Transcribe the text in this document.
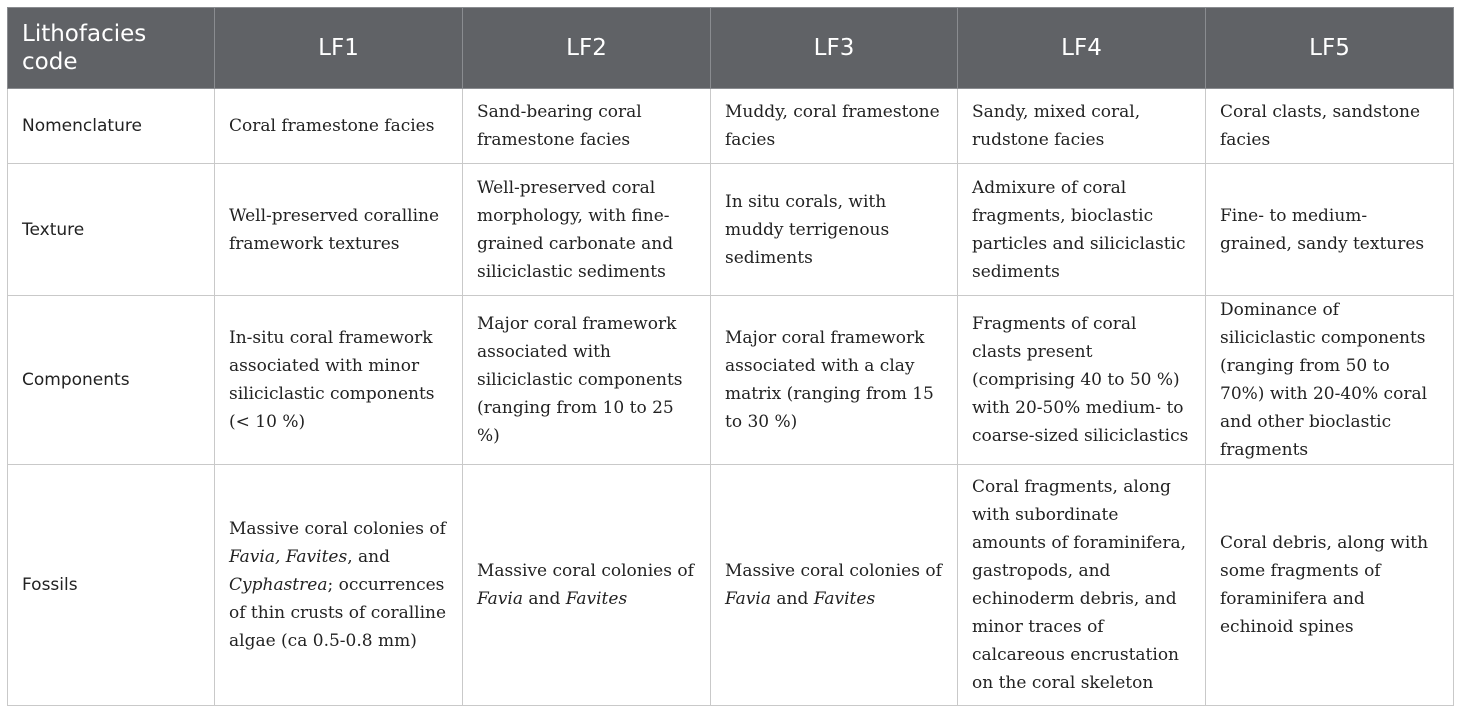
Lithofacies code	LF1	LF2	LF3	LF4	LF5
Nomenclature	Coral framestone facies	Sand-bearing coral framestone facies	Muddy, coral framestone facies	Sandy, mixed coral, rudstone facies	Coral clasts, sandstone facies
Texture	Well-preserved coralline framework textures	Well-preserved coral morphology, with fine-grained carbonate and siliciclastic sediments	In situ corals, with muddy terrigenous sediments	Admixure of coral fragments, bioclastic particles and siliciclastic sediments	Fine- to medium-grained, sandy textures
Components	In-situ coral framework associated with minor siliciclastic components (< 10 %)	Major coral framework associated with siliciclastic components (ranging from 10 to 25 %)	Major coral framework associated with a clay matrix (ranging from 15 to 30 %)	Fragments of coral clasts present (comprising 40 to 50 %) with 20-50% medium- to coarse-sized siliciclastics	Dominance of siliciclastic components (ranging from 50 to 70%) with 20-40% coral and other bioclastic fragments
Fossils	Massive coral colonies of Favia, Favites, and Cyphastrea; occurrences of thin crusts of coralline algae (ca 0.5-0.8 mm)	Massive coral colonies of Favia and Favites	Massive coral colonies of Favia and Favites	Coral fragments, along with subordinate amounts of foraminifera, gastropods, and echinoderm debris, and minor traces of calcareous encrustation on the coral skeleton	Coral debris, along with some fragments of foraminifera and echinoid spines
